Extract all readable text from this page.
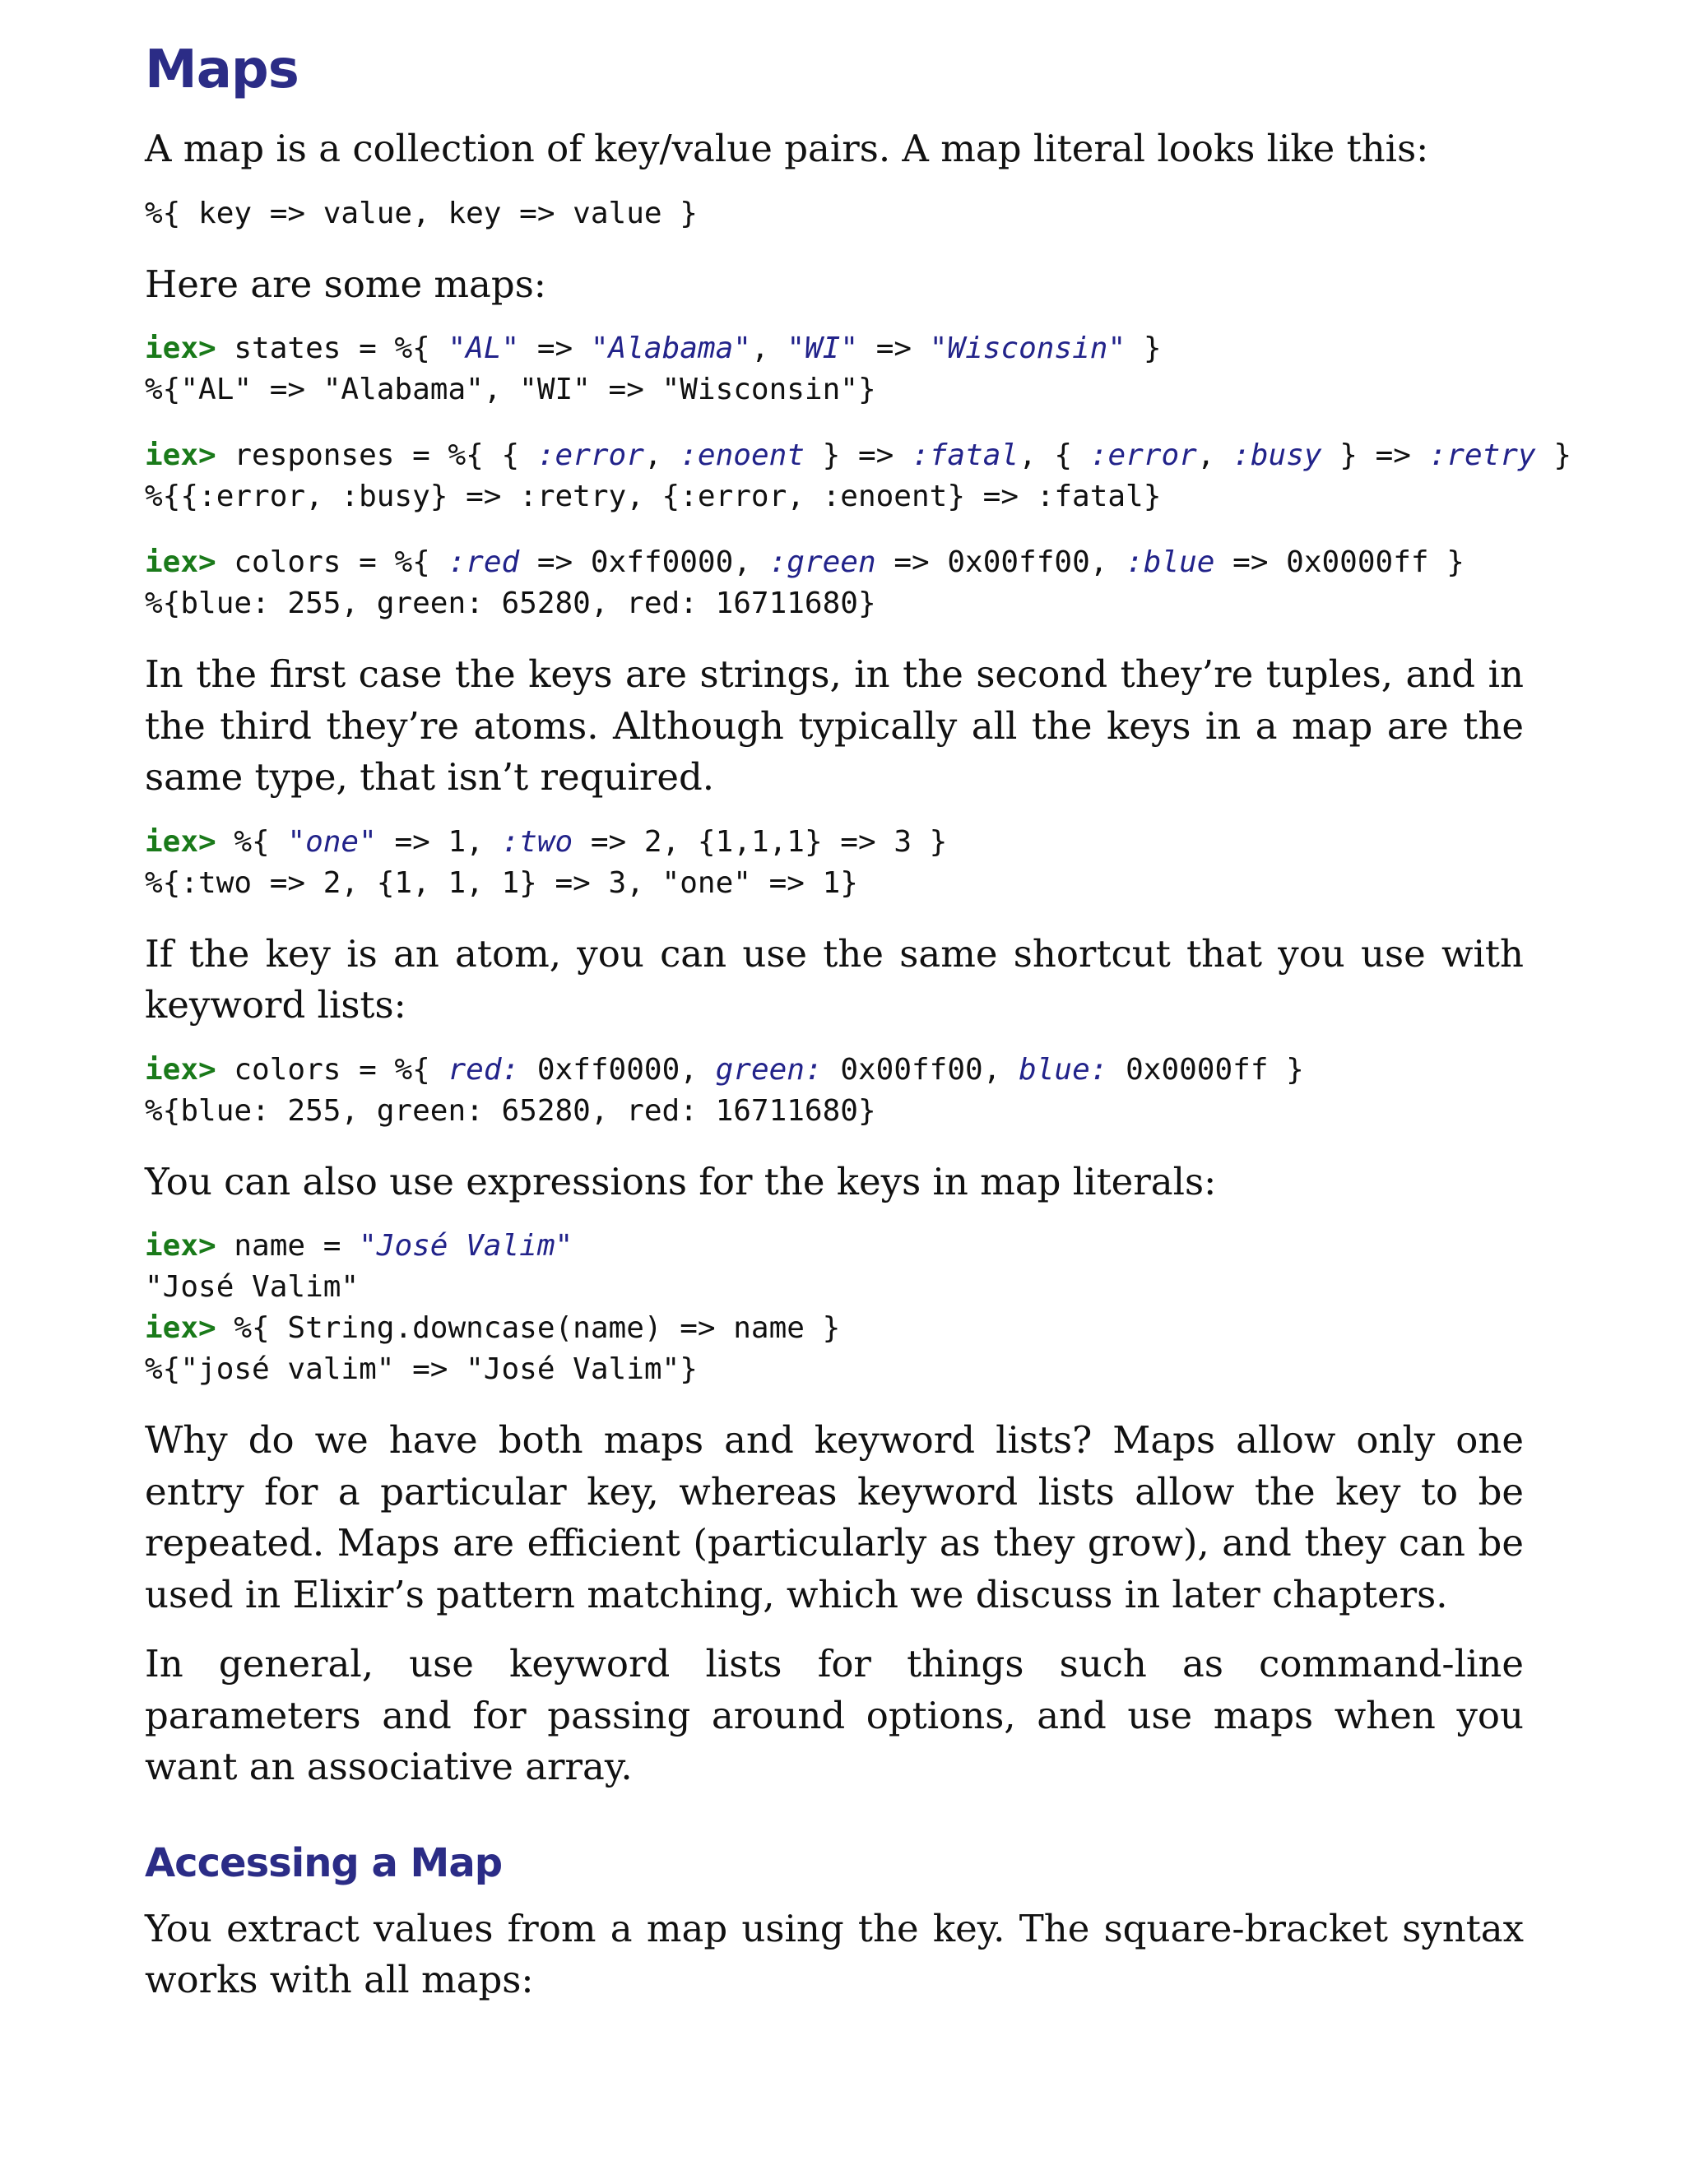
Maps

A map is a collection of key/value pairs. A map literal looks like this:

%{ key => value, key => value }

Here are some maps:

iex> states = %{ "AL" => "Alabama", "WI" => "Wisconsin" }
%{"AL" => "Alabama", "WI" => "Wisconsin"}
iex> responses = %{ { :error, :enoent } => :fatal, { :error, :busy } => :retry }
%{{:error, :busy} => :retry, {:error, :enoent} => :fatal}
iex> colors = %{ :red => 0xff0000, :green => 0x00ff00, :blue => 0x0000ff }
%{blue: 255, green: 65280, red: 16711680}

In the first case the keys are strings, in the second they’re tuples, and in the third they’re atoms. Although typically all the keys in a map are the same type, that isn’t required.

iex> %{ "one" => 1, :two => 2, {1,1,1} => 3 }
%{:two => 2, {1, 1, 1} => 3, "one" => 1}

If the key is an atom, you can use the same shortcut that you use with keyword lists:

iex> colors = %{ red: 0xff0000, green: 0x00ff00, blue: 0x0000ff }
%{blue: 255, green: 65280, red: 16711680}

You can also use expressions for the keys in map literals:

iex> name = "José Valim"
"José Valim"
iex> %{ String.downcase(name) => name }
%{"josé valim" => "José Valim"}

Why do we have both maps and keyword lists? Maps allow only one entry for a particular key, whereas keyword lists allow the key to be repeated. Maps are efficient (particularly as they grow), and they can be used in Elixir’s pattern matching, which we discuss in later chapters.

In general, use keyword lists for things such as command-line parameters and for passing around options, and use maps when you want an associative array.

Accessing a Map

You extract values from a map using the key. The square-bracket syntax works with all maps:
